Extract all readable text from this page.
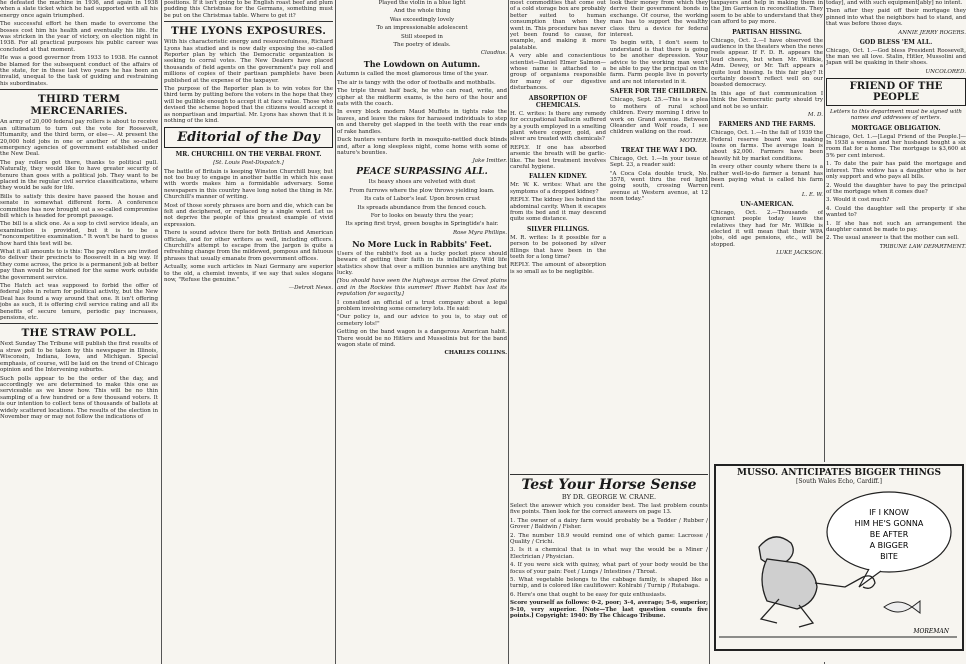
he defeated the machine in 1936, and again in 1938 when a slate ticket which he had supported with all his energy once again triumphed.

The successful effort he then made to overcome the bosses cost him his health and eventually his life. He was stricken in the year of victory, on election night in 1938. For all practical purposes his public career was concluded at that moment.

He was a good governor from 1933 to 1938. He cannot be blamed for the subsequent conduct of the affairs of the state, for in these last two years he has been an invalid, unequal to the task of guiding and restraining his subordinates.

THIRD TERM MERCENARIES.

An army of 20,000 federal pay rollers is about to receive an ultimatum to turn out the vote for Roosevelt, Humanity, and the third term, or else—. At present the 20,000 hold jobs in one or another of the so-called emergency agencies of government established under the New Deal.

The pay rollers got there, thanks to political pull. Naturally, they would like to have greater security of tenure than goes with a political job. They want to be placed in the regular civil service classifications, where they would be safe for life.

Bills to satisfy this desire have passed the house and senate in somewhat different form. A conference committee has now brought out a so-called compromise bill which is headed for prompt passage.

The bill is a slick one. As a sop to civil service ideals, an examination is provided, but it is to be a "noncompetitive examination." It won't be hard to guess how hard this test will be.

What it all amounts to is this: The pay rollers are invited to deliver their precincts to Roosevelt in a big way. If they come across, the price is a permanent job at better pay than would be obtained for the same work outside the government service.

The Hatch act was supposed to forbid the offer of federal jobs in return for political activity, but the New Deal has found a way around that one. It isn't offering jobs as such, it is offering civil service rating and all its benefits of secure tenure, periodic pay increases, pensions, etc.

THE STRAW POLL.

Next Sunday The Tribune will publish the first results of a straw poll to be taken by this newspaper in Illinois, Wisconsin, Indiana, Iowa, and Michigan. Special emphasis, of course, will be laid on the trend of Chicago opinion and the Intervening suburbs.

Such polls appear to be the order of the day, and accordingly we are determined to make this one as serviceable as we know how. This will be no thin sampling of a few hundred or a few thousand voters. It is our intention to collect tens of thousands of ballots at widely scattered locations. The results of the election in November may or may not follow the indications of

positions. If it isn't going to be English roast beef and plum pudding this Christmas for the Germans, something must be put on the Christmas table. Where to get it?

THE LYONS EXPOSURES.

With his characteristic energy and resourcefulness, Richard Lyons has studied and is now daily exposing the so-called Reporter plan by which the Democratic organization is seeking to corral votes. The New Dealers have placed thousands of field agents on the government's pay roll and millions of copies of their partisan pamphlets have been published at the expense of the taxpayer.

The purpose of the Reporter plan is to win votes for the third term by putting before the voters in the hope that they will be gullible enough to accept it at face value. Those who devised the scheme hoped that the citizens would accept it as nonpartisan and impartial. Mr. Lyons has shown that it is nothing of the kind.

Editorial of the Day
MR. CHURCHILL ON THE VERBAL FRONT.
[St. Louis Post-Dispatch.]

The battle of Britain is keeping Winston Churchill busy, but not too busy to engage in another battle in which his ease with words makes him a formidable adversary. Some newspapers in this country have long noted the thing in Mr. Churchill's manner of writing.

Most of those sorely phrases are born and die, which can be felt and deciphered, or replaced by a single word. Let us not deprive the people of this greatest example of vivid expression.

There is sound advice there for both British and American officials, and for other writers as well, including officers. Churchill's attempt to escape from the jargon is quite a refreshing change from the mildewed, pompous and fatuous phrases that usually emanate from government offices.

Actually, some such articles in Nazi Germany are superior to the old, a chemist invents, if we say that sales slogans now, "Refuse the genuine."

—Detroit News.

Played the violin in a blue light

And the whole thing

Was exceedingly lovely

To an impressionable adolescent

Still steeped in

The poetry of ideals.

Claudius.
The Lowdown on Autumn.

Autumn is called the most glamorous time of the year.

The air is tangy with the odor of footballs and mothballs.

The triple threat half back, he who can read, write, and cipher at the midterm exams, is the hero of the hour and eats with the coach.

In every block modern Maud Muffets in tights rake the leaves, and leave the rakes for harassed individuals to step on and thereby get slapped in the teeth with the rear ends of rake handles.

Duck hunters venture forth in mosquito-nettled duck blinds and, after a long sleepless night, come home with some of nature's bounties.

Jake Imitter.
PEACE SURPASSING ALL.

Its heavy shoes are velveted with dust

From furrows where the plow throws yielding loam.

Its cats of Labor's leaf. Upon brown crust

Its spreads abundance from the fenced couch.

For to looks on beauty thru the year;

Its spring first tryst, green boughs in Springtide's hair.

Rose Myra Phillips.
No More Luck in Rabbits' Feet.

Users of the rabbit's foot as a lucky pocket piece should beware of getting their faith in its infallibility. Wild life statistics show that over a million bunnies are anything but lucky.

[You should have seen the highways across the Great plains and in the Rockies this summer! River Rabbit has lost its reputation for sagacity.]

I consulted an official of a trust company about a legal problem involving some cemetery lots. He said:

"Our policy is, and our advice to you is, to stay out of cemetery lots!"

Getting on the band wagon is a dangerous American habit. There would be no Hitlers and Mussolinis but for the band wagon state of mind.

CHARLES COLLINS.

most commodities that come out of a cold storage box are probably better suited to human consumption than when they went in. This procedure has never yet been found to cause, for example, and making it more palatable.

A very able and conscientious scientist—Daniel Elmer Salmon—whose name is attached to a group of organisms responsible for many of our digestive disturbances.

ABSORPTION OF CHEMICALS.

H. C. writes: Is there any remedy for occupational hallucin suffered by a youth employed in a smelting plant where copper, gold, and silver are treated with chemicals?

REPLY. If one has absorbed arsenic the breath will be garlic-like. The best treatment involves careful hygiene.

FALLEN KIDNEY.

Mr. W. K. writes: What are the symptoms of a dropped kidney?

REPLY. The kidney lies behind the abdominal cavity. When it escapes from its bed and it may descend quite some distance.

SILVER FILLINGS.

M. R. writes: Is it possible for a person to be poisoned by silver fillings that have been in the teeth for a long time?

REPLY. The amount of absorption is so small as to be negligible.

look their money from which they derive their government bonds in exchange. Of course, the working man has to support the wealthy class thru a device for federal interest.

To begin with, I don't seem to understand is that there is going to be another depression. Your advice to the working man won't be able to pay the principal on the farm. Farm people live in poverty and are not interested in it.

SAFER FOR THE CHILDREN.

Chicago, Sept. 25.—This is a plea to mothers of rural school children. Every morning I drive to work on Grand avenue. Between Oleander and Wolf roads, I see children walking on the road.

MOTHER.
TREAT THE WAY I DO.

Chicago, Oct. 1.—In your issue of Sept. 23, a reader said:

"A Coca Cola double truck, No. 3578, went thru the red light going south, crossing Warren avenue at Western avenue, at 12 noon today."

Test Your Horse Sense
BY DR. GEORGE W. CRANE.

Select the answer which you consider best. The last problem counts five points. Then look for the correct answers on page 13.

1. The owner of a dairy farm would probably be a Tedder / Rubber / Grover / Baldwin / Fisher.

2. The number 18.9 would remind one of which game: Lacrosse / Quality / Crichi.

3. Is it a chemical that is in what way the would be a Miner / Electrician / Physician.

4. If you were sick with quinsy, what part of your body would be the focus of your pain: Feet / Lungs / Intestines / Throat.

5. What vegetable belongs to the cabbage family, is shaped like a turnip, and is colored like cauliflower: Kohlrabi / Turnip / Rutabaga.

6. Here's one that ought to be easy for quiz enthusiasts.

Score yourself as follows: 0-2, poor; 3-4, average; 5-6, superior; 9-10, very superior. [Note—The last question counts five points.] Copyright: 1940: By The Chicago Tribune.

taxpayers and help in making them in the Jim Garrison in reconciliation. They seem to be able to understand that they can afford to pay more.

PARTISAN HISSING.

Chicago, Oct. 2.—I have observed the audience in the theaters when the news reels appear. If F. D. R. appears the loud cheers, but when Mr. Willkie, Adm. Dewey, or Mr. Taft appears a quite loud hissing. Is this fair play? It certainly doesn't reflect well on our boasted democracy.

In this age of fast communication I think the Democratic party should try and not be so unfair.

M. D.
FARMERS AND THE FARMS.

Chicago, Oct. 1.—In the fall of 1939 the Federal reserve board was making loans on farms. The average loan is about $2,000. Farmers have been heavily hit by market conditions.

In every other county where there is a rather well-to-do farmer a tenant has been paying what is called his farm rent.

L. E. W.
UN-AMERICAN.

Chicago, Oct. 2.—Thousands of ignorant people today leave the relatives they had for Mr. Willkie is elected it will mean that their WPA jobs, old age pensions, etc., will be stopped.

LUKE JACKSON.

today], and with such equipment[ably] no intent.

Then after they paid off their mortgage they pinned into what the neighbors had to stand, and that was before those days.

ANNIE JERRY ROGERS.
GOD BLESS 'EM ALL.

Chicago, Oct. 1.—God bless President Roosevelt, the man we all love. Stalin, Hitler, Mussolini and Japan will be quaking in their shoes.

UNCOLORED.
FRIEND OF THE PEOPLE

Letters to this department must be signed with names and addresses of writers.

MORTGAGE OBLIGATION.

Chicago, Oct. 1.—[Legal Friend of the People.]—In 1938 a woman and her husband bought a six room flat for a home. The mortgage is $3,600 at 5% per cent interest.

1. To date the pair has paid the mortgage and interest. This widow has a daughter who is her only support and who pays all bills.

2. Would the daughter have to pay the principal of the mortgage when it comes due?

3. Would it cost much?

4. Could the daughter sell the property if she wanted to?

1. If she has not such an arrangement the daughter cannot be made to pay.

2. The usual answer is that the mother can sell.

TRIBUNE LAW DEPARTMENT.
MUSSO. ANTICIPATES BIGGER THINGS
[South Wales Echo, Cardiff.]
IF I KNOW
HIM HE'S GONNA
BE AFTER
A BIGGER
BITE
MOREMAN
